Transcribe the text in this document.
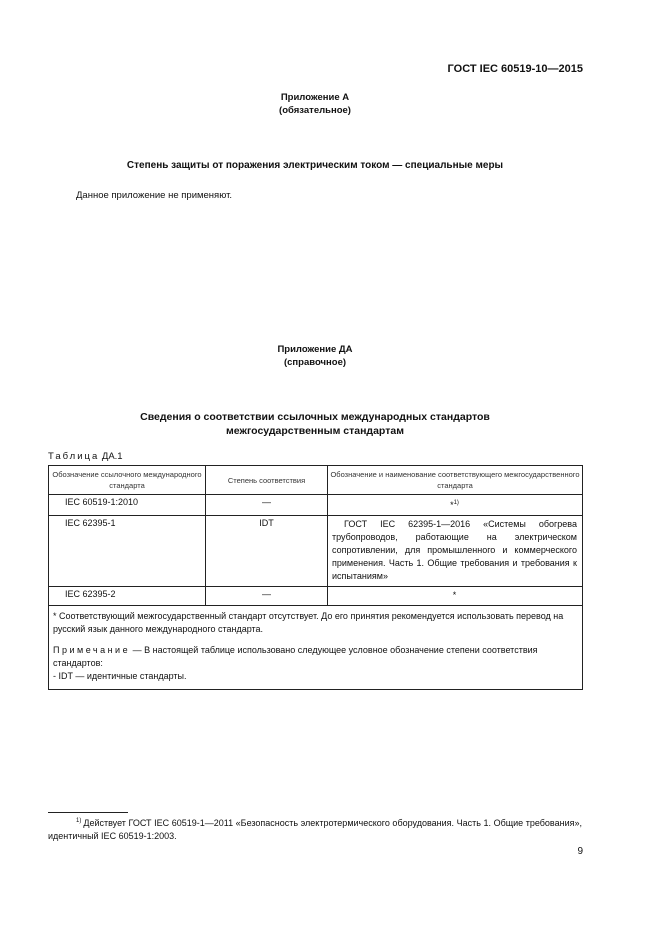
ГОСТ IEC 60519-10—2015
Приложение А
(обязательное)
Степень защиты от поражения электрическим током — специальные меры
Данное приложение не применяют.
Приложение ДА
(справочное)
Сведения о соответствии ссылочных международных стандартов
межгосударственным стандартам
Таблица ДА.1
Обозначение ссылочного международного стандарта	Степень соответствия	Обозначение и наименование соответствующего межгосударственного стандарта
IEC 60519-1:2010	—	*$^{1)}$
IEC 62395-1	IDT	ГОСТ IEC 62395-1—2016 «Системы обогрева трубопроводов, работающие на электрическом сопротивлении, для промышленного и коммерческого применения. Часть 1. Общие требования и требования к испытаниям»

IEC 62395-2	—	*

* Соответствующий межгосударственный стандарт отсутствует. До его принятия рекомендуется использовать перевод на русский язык данного международного стандарта.

Примечание — В настоящей таблице использовано следующее условное обозначение степени соответствия стандартов:

- IDT — идентичные стандарты.		

$^{1)}$ Действует ГОСТ IEC 60519-1—2011 «Безопасность электротермического оборудования. Часть 1. Общие требования», идентичный IEC 60519-1:2003.
9
